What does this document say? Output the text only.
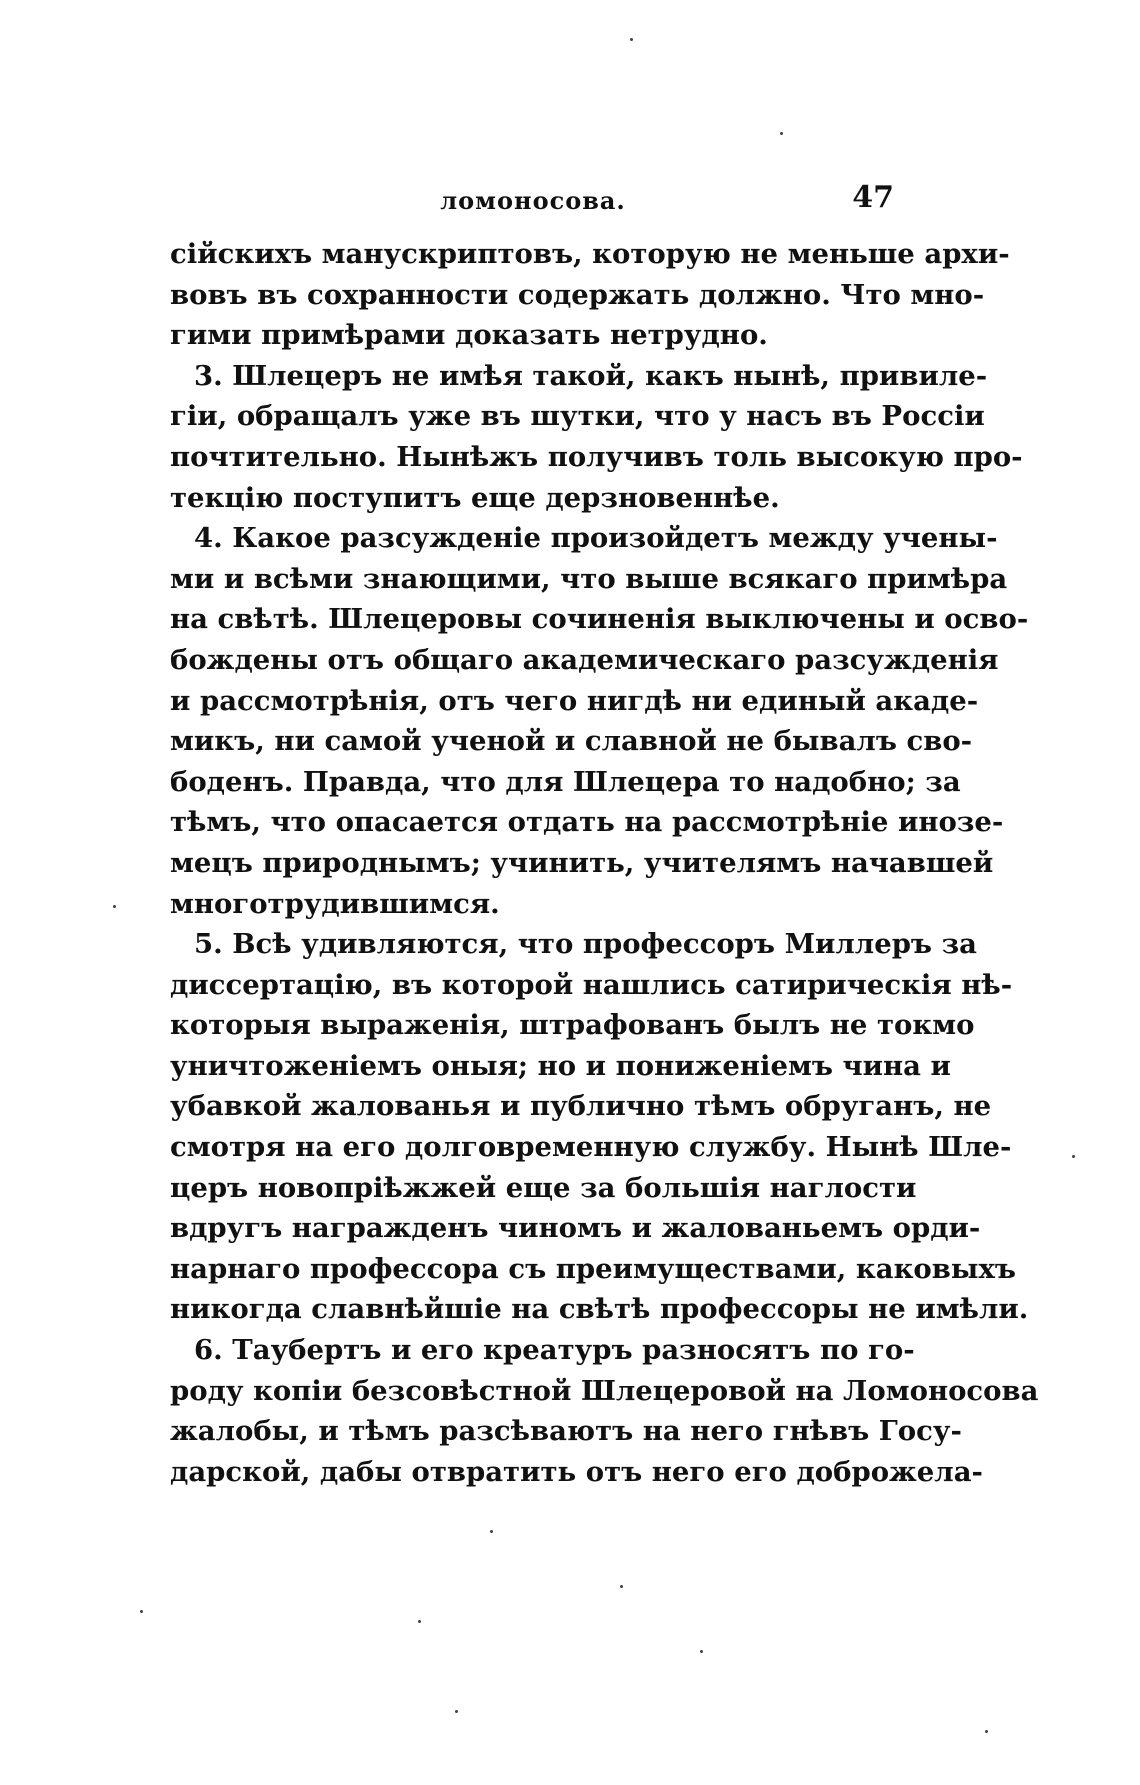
ломоносова.	47
сійскихъ манускриптовъ, которую не меньше архи-
вовъ въ сохранности содержать должно. Что мно-
гими примѣрами доказать нетрудно.
3. Шлецеръ не имѣя такой, какъ нынѣ, привиле-
гіи, обращалъ уже въ шутки, что у насъ въ Россіи
почтительно. Нынѣжъ получивъ толь высокую про-
текцію поступитъ еще дерзновеннѣе.
4. Какое разсужденіе произойдетъ между учены-
ми и всѣми знающими, что выше всякаго примѣра
на свѣтѣ. Шлецеровы сочиненія выключены и осво-
бождены отъ общаго академическаго разсужденія
и рассмотрѣнія, отъ чего нигдѣ ни единый акаде-
микъ, ни самой ученой и славной не бывалъ сво-
боденъ. Правда, что для Шлецера то надобно; за
тѣмъ, что опасается отдать на рассмотрѣніе инозе-
мецъ природнымъ; учинить, учителямъ начавшей
многотрудившимся.
5. Всѣ удивляются, что профессоръ Миллеръ за
диссертацію, въ которой нашлись сатирическія нѣ-
которыя выраженія, штрафованъ былъ не токмо
уничтоженіемъ оныя; но и пониженіемъ чина и
убавкой жалованья и публично тѣмъ обруганъ, не
смотря на его долговременную службу. Нынѣ Шле-
церъ новопріѣжжей еще за большія наглости
вдругъ награжденъ чиномъ и жалованьемъ орди-
нарнаго профессора съ преимуществами, каковыхъ
никогда славнѣйшіе на свѣтѣ профессоры не имѣли.
6. Таубертъ и его креатуръ разносятъ по го-
роду копіи безсовѣстной Шлецеровой на Ломоносова
жалобы, и тѣмъ разсѣваютъ на него гнѣвъ Госу-
дарской, дабы отвратить отъ него его доброжела-
